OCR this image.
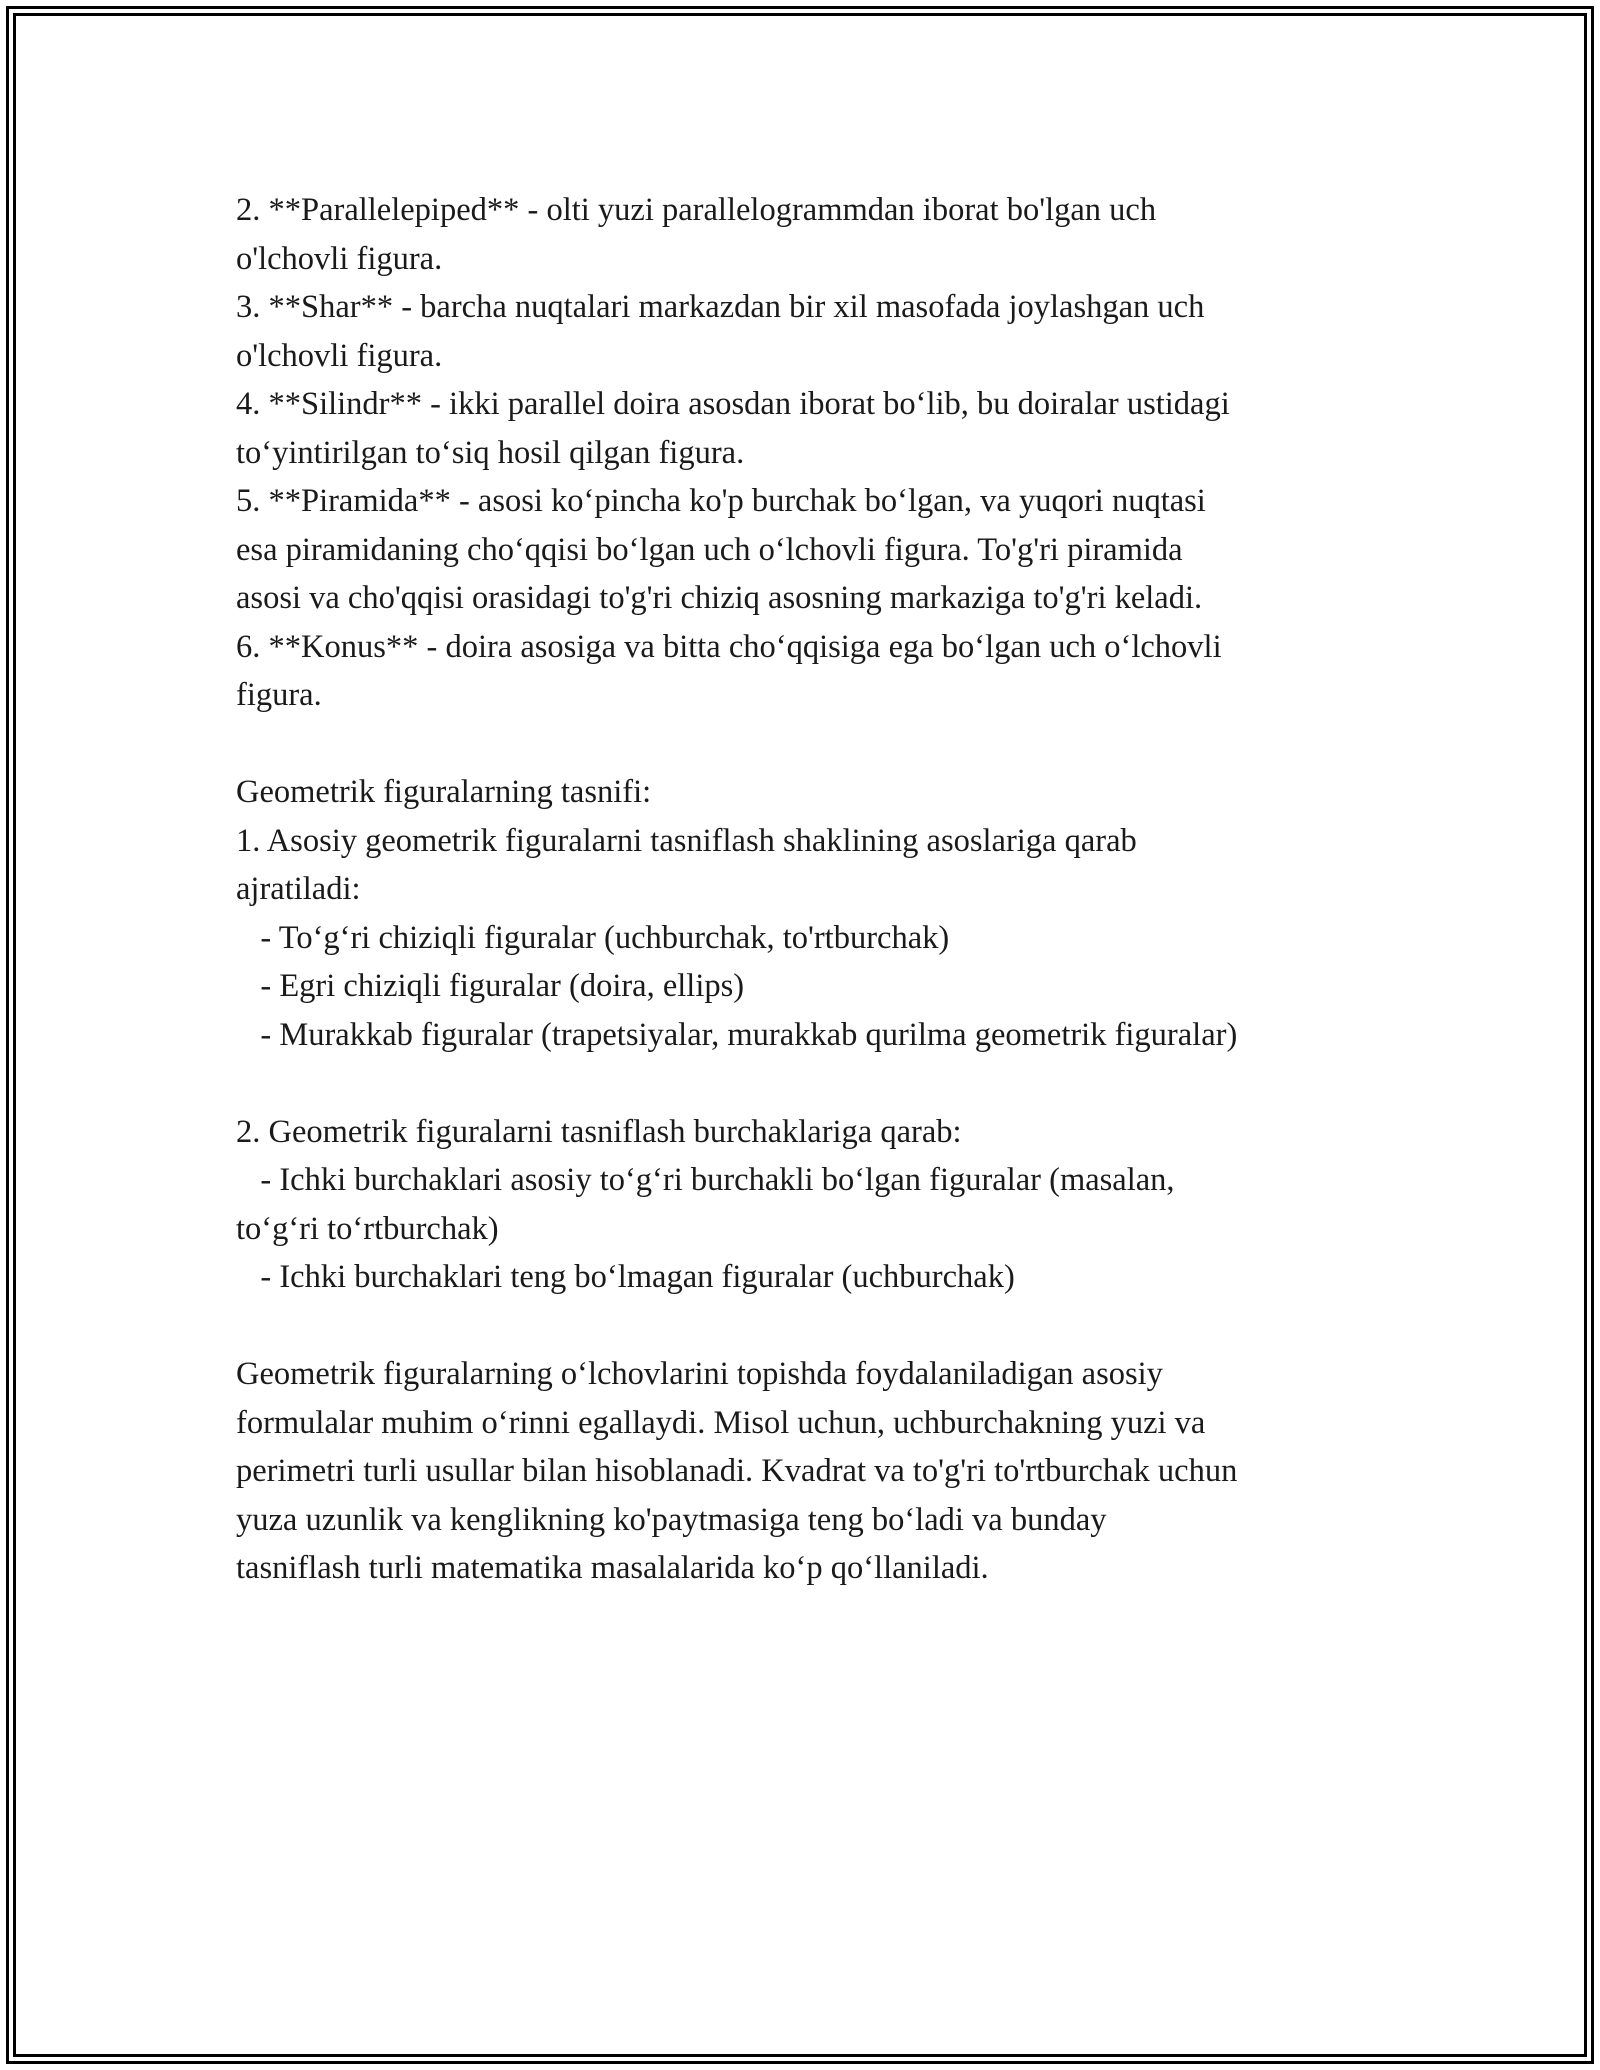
2. **Parallelepiped** - olti yuzi parallelogrammdan iborat bo'lgan uch

o'lchovli figura.

3. **Shar** - barcha nuqtalari markazdan bir xil masofada joylashgan uch

o'lchovli figura.

4. **Silindr** - ikki parallel doira asosdan iborat bo‘lib, bu doiralar ustidagi

to‘yintirilgan to‘siq hosil qilgan figura.

5. **Piramida** - asosi ko‘pincha ko'p burchak bo‘lgan, va yuqori nuqtasi

esa piramidaning cho‘qqisi bo‘lgan uch o‘lchovli figura. To'g'ri piramida

asosi va cho'qqisi orasidagi to'g'ri chiziq asosning markaziga to'g'ri keladi.

6. **Konus** - doira asosiga va bitta cho‘qqisiga ega bo‘lgan uch o‘lchovli

figura.

Geometrik figuralarning tasnifi:

1. Asosiy geometrik figuralarni tasniflash shaklining asoslariga qarab

ajratiladi:

- To‘g‘ri chiziqli figuralar (uchburchak, to'rtburchak)

- Egri chiziqli figuralar (doira, ellips)

- Murakkab figuralar (trapetsiyalar, murakkab qurilma geometrik figuralar)

2. Geometrik figuralarni tasniflash burchaklariga qarab:

- Ichki burchaklari asosiy to‘g‘ri burchakli bo‘lgan figuralar (masalan,

to‘g‘ri to‘rtburchak)

- Ichki burchaklari teng bo‘lmagan figuralar (uchburchak)

Geometrik figuralarning o‘lchovlarini topishda foydalaniladigan asosiy

formulalar muhim o‘rinni egallaydi. Misol uchun, uchburchakning yuzi va

perimetri turli usullar bilan hisoblanadi. Kvadrat va to'g'ri to'rtburchak uchun

yuza uzunlik va kenglikning ko'paytmasiga teng bo‘ladi va bunday

tasniflash turli matematika masalalarida ko‘p qo‘llaniladi.
